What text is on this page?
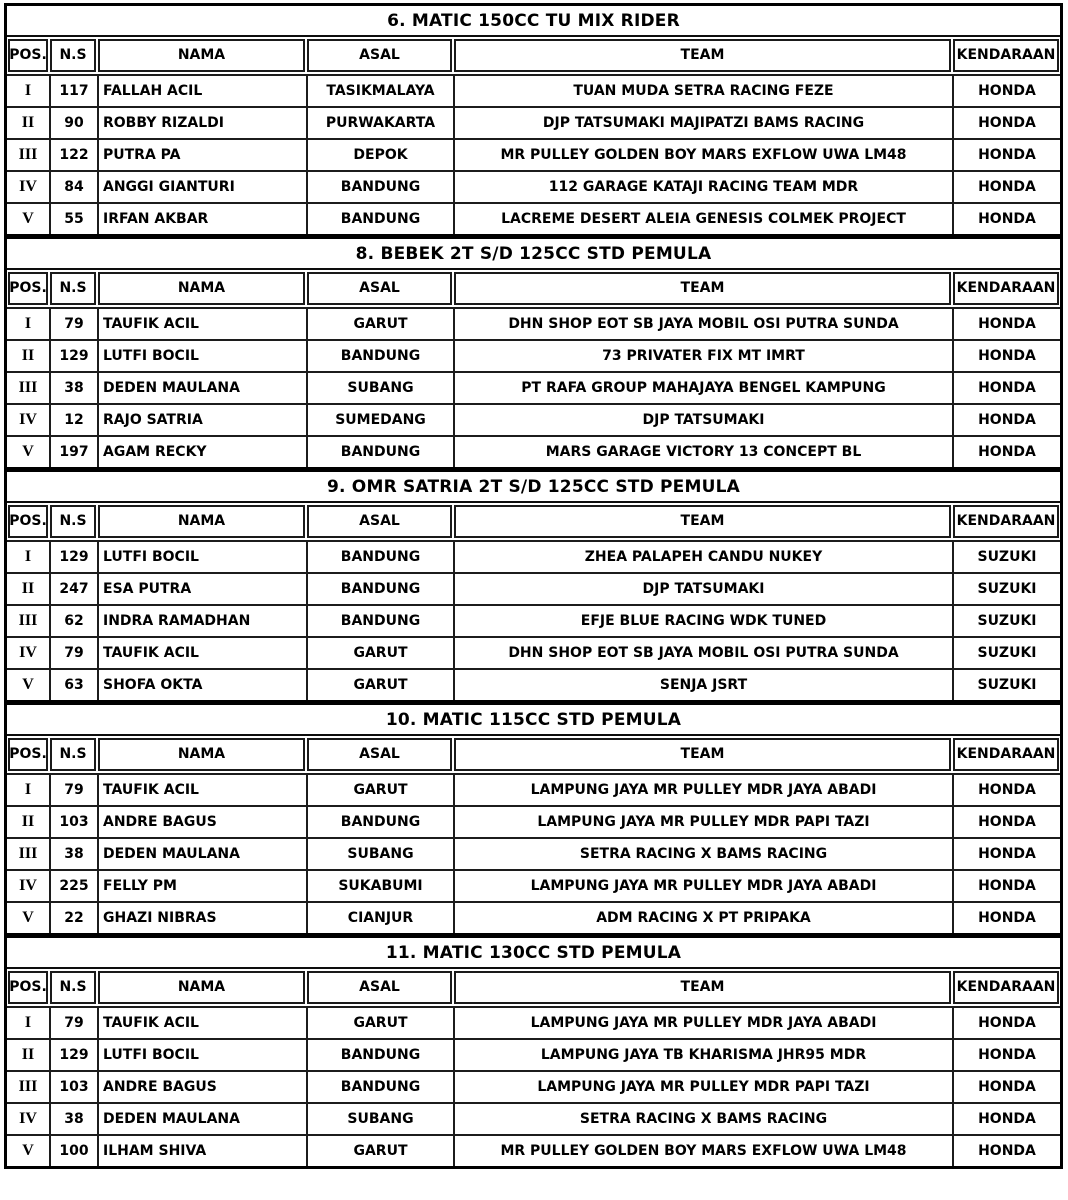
6. MATIC 150CC TU MIX RIDER
POS. N.S	NAMA	ASAL	TEAM	KENDARAAN
I	117	FALLAH ACIL	TASIKMALAYA	TUAN MUDA SETRA RACING FEZE	HONDA
II	90	ROBBY RIZALDI	PURWAKARTA	DJP TATSUMAKI MAJIPATZI BAMS RACING	HONDA
III	122	PUTRA PA	DEPOK	MR PULLEY GOLDEN BOY MARS EXFLOW UWA LM48	HONDA
IV	84	ANGGI GIANTURI	BANDUNG	112 GARAGE KATAJI RACING TEAM MDR	HONDA
V	55	IRFAN AKBAR	BANDUNG	LACREME DESERT ALEIA GENESIS COLMEK PROJECT	HONDA
8. BEBEK 2T S/D 125CC STD PEMULA
POS. N.S	NAMA	ASAL	TEAM	KENDARAAN
I	79	TAUFIK ACIL	GARUT	DHN SHOP EOT SB JAYA MOBIL OSI PUTRA SUNDA	HONDA
II	129	LUTFI BOCIL	BANDUNG	73 PRIVATER FIX MT IMRT	HONDA
III	38	DEDEN MAULANA	SUBANG	PT RAFA GROUP MAHAJAYA BENGEL KAMPUNG	HONDA
IV	12	RAJO SATRIA	SUMEDANG	DJP TATSUMAKI	HONDA
V	197	AGAM RECKY	BANDUNG	MARS GARAGE VICTORY 13 CONCEPT BL	HONDA
9. OMR SATRIA 2T S/D 125CC STD PEMULA
POS. N.S	NAMA	ASAL	TEAM	KENDARAAN
I	129	LUTFI BOCIL	BANDUNG	ZHEA PALAPEH CANDU NUKEY	SUZUKI
II	247	ESA PUTRA	BANDUNG	DJP TATSUMAKI	SUZUKI
III	62	INDRA RAMADHAN	BANDUNG	EFJE BLUE RACING WDK TUNED	SUZUKI
IV	79	TAUFIK ACIL	GARUT	DHN SHOP EOT SB JAYA MOBIL OSI PUTRA SUNDA	SUZUKI
V	63	SHOFA OKTA	GARUT	SENJA JSRT	SUZUKI
10. MATIC 115CC STD PEMULA
POS. N.S	NAMA	ASAL	TEAM	KENDARAAN
I	79	TAUFIK ACIL	GARUT	LAMPUNG JAYA MR PULLEY MDR JAYA ABADI	HONDA
II	103	ANDRE BAGUS	BANDUNG	LAMPUNG JAYA MR PULLEY MDR PAPI TAZI	HONDA
III	38	DEDEN MAULANA	SUBANG	SETRA RACING X BAMS RACING	HONDA
IV	225	FELLY PM	SUKABUMI	LAMPUNG JAYA MR PULLEY MDR JAYA ABADI	HONDA
V	22	GHAZI NIBRAS	CIANJUR	ADM RACING X PT PRIPAKA	HONDA
11. MATIC 130CC STD PEMULA
POS. N.S	NAMA	ASAL	TEAM	KENDARAAN
I	79	TAUFIK ACIL	GARUT	LAMPUNG JAYA MR PULLEY MDR JAYA ABADI	HONDA
II	129	LUTFI BOCIL	BANDUNG	LAMPUNG JAYA TB KHARISMA JHR95 MDR	HONDA
III	103	ANDRE BAGUS	BANDUNG	LAMPUNG JAYA MR PULLEY MDR PAPI TAZI	HONDA
IV	38	DEDEN MAULANA	SUBANG	SETRA RACING X BAMS RACING	HONDA
V	100	ILHAM SHIVA	GARUT	MR PULLEY GOLDEN BOY MARS EXFLOW UWA LM48	HONDA
